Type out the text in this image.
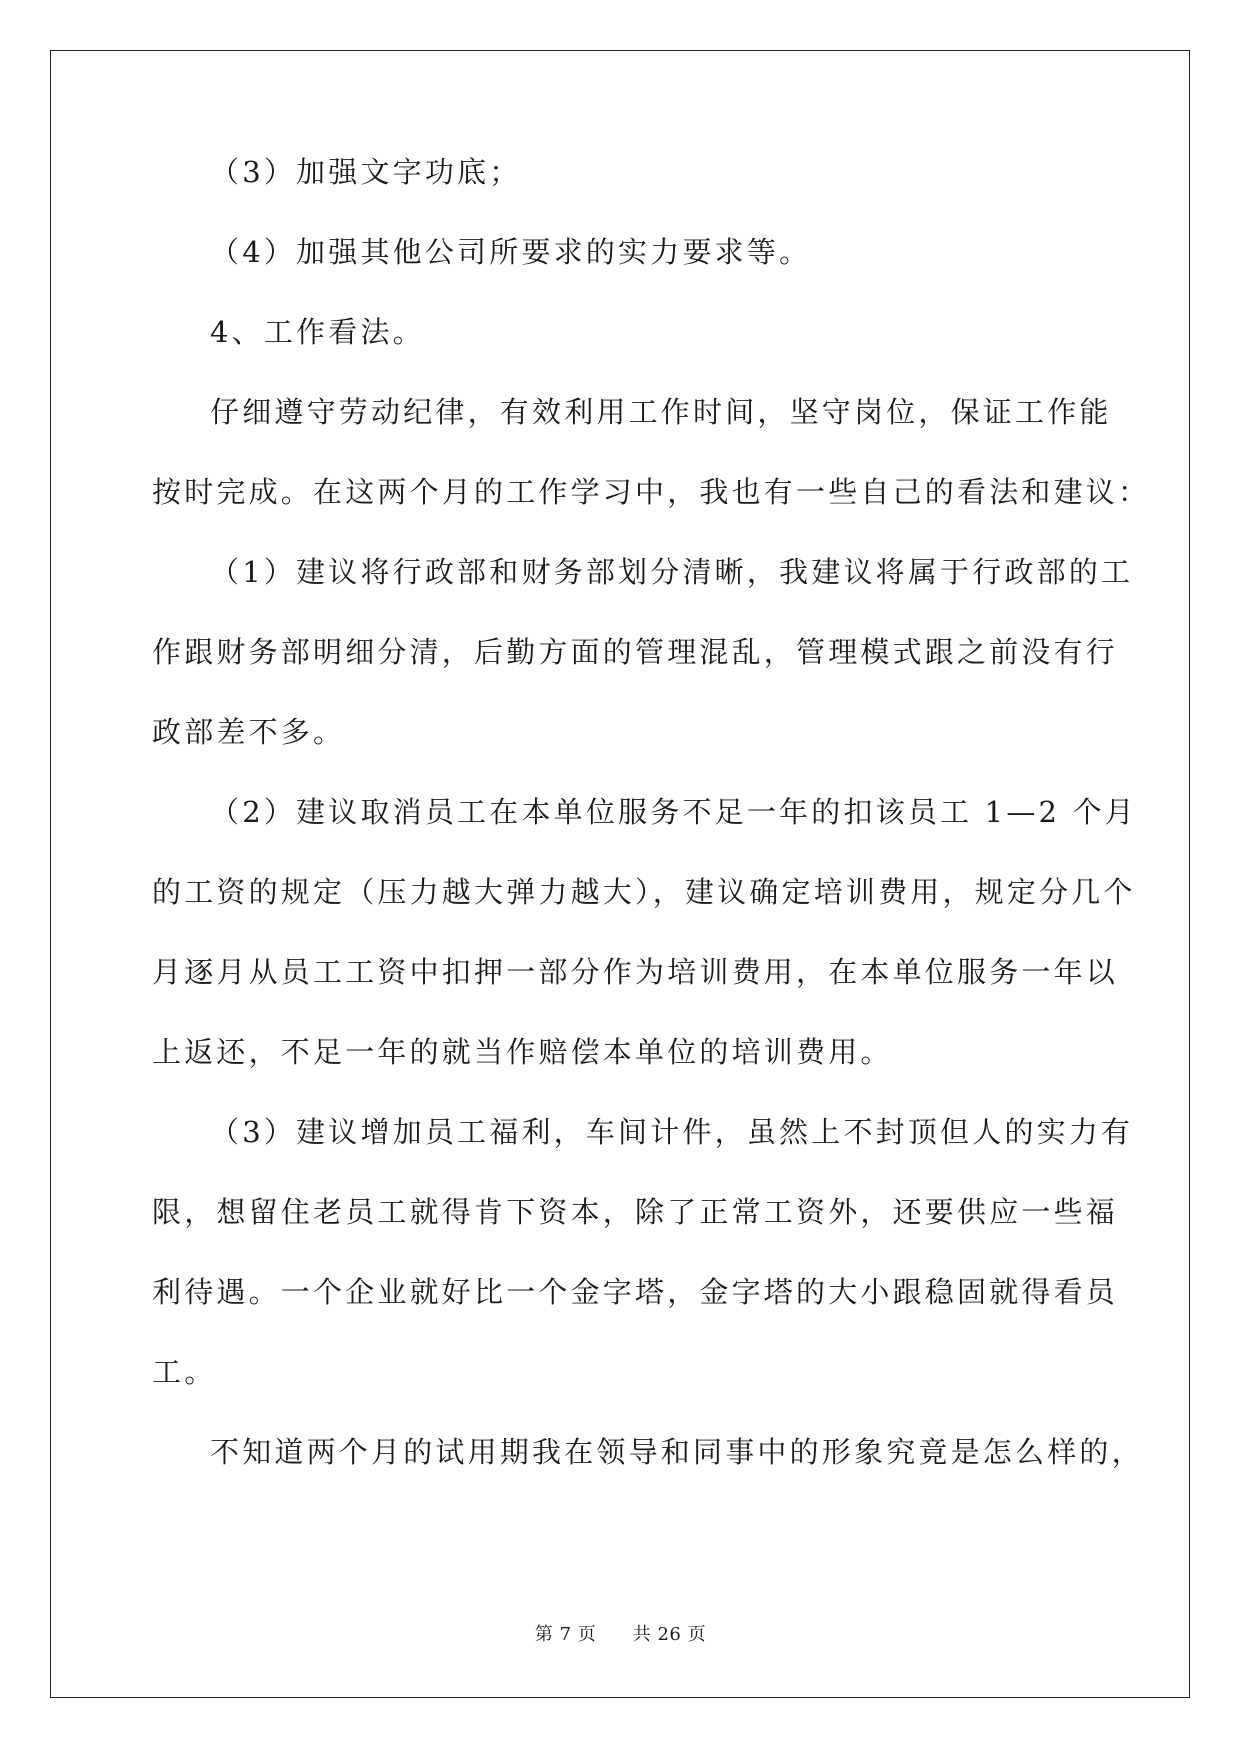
（3）加强文字功底；

（4）加强其他公司所要求的实力要求等。

4、工作看法。

仔细遵守劳动纪律，有效利用工作时间，坚守岗位，保证工作能

按时完成。在这两个月的工作学习中，我也有一些自己的看法和建议：

（1）建议将行政部和财务部划分清晰，我建议将属于行政部的工

作跟财务部明细分清，后勤方面的管理混乱，管理模式跟之前没有行

政部差不多。

（2）建议取消员工在本单位服务不足一年的扣该员工 1—2 个月

的工资的规定（压力越大弹力越大），建议确定培训费用，规定分几个

月逐月从员工工资中扣押一部分作为培训费用，在本单位服务一年以

上返还，不足一年的就当作赔偿本单位的培训费用。

（3）建议增加员工福利，车间计件，虽然上不封顶但人的实力有

限，想留住老员工就得肯下资本，除了正常工资外，还要供应一些福

利待遇。一个企业就好比一个金字塔，金字塔的大小跟稳固就得看员

工。

不知道两个月的试用期我在领导和同事中的形象究竟是怎么样的，

第 7 页 共 26 页
